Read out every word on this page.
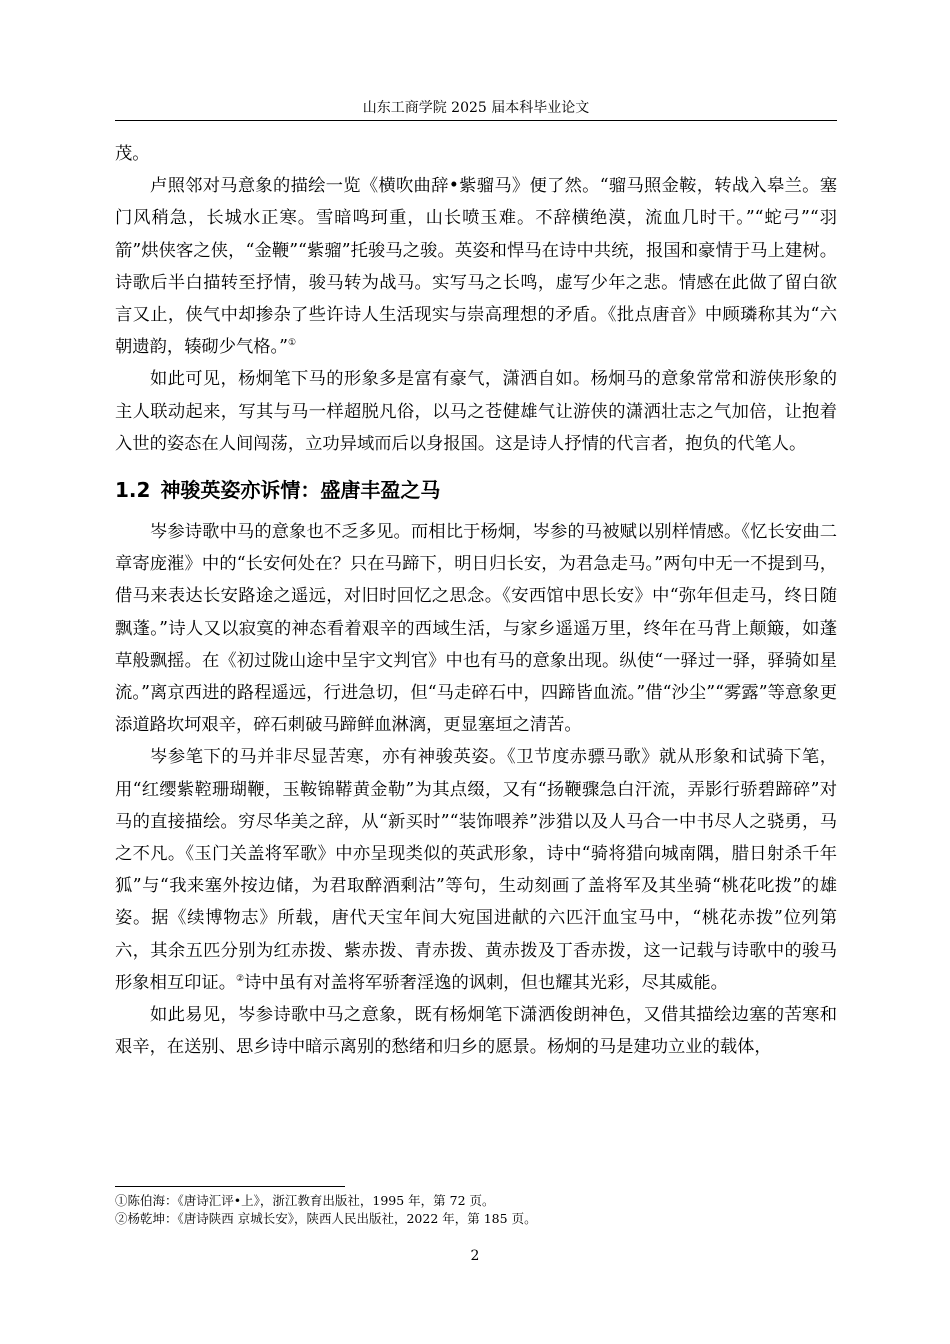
山东工商学院 2025 届本科毕业论文

茂。

卢照邻对马意象的描绘一览《横吹曲辞•紫骝马》便了然。“骝马照金鞍，转战入皋兰。塞门风稍急，长城水正寒。雪暗鸣珂重，山长喷玉难。不辞横绝漠，流血几时干。”“蛇弓”“羽箭”烘侠客之侠，“金鞭”“紫骝”托骏马之骏。英姿和悍马在诗中共统，报国和豪情于马上建树。诗歌后半白描转至抒情，骏马转为战马。实写马之长鸣，虚写少年之悲。情感在此做了留白欲言又止，侠气中却掺杂了些许诗人生活现实与崇高理想的矛盾。《批点唐音》中顾璘称其为“六朝遗韵，辏砌少气格。”①

如此可见，杨炯笔下马的形象多是富有豪气，潇洒自如。杨炯马的意象常常和游侠形象的主人联动起来，写其与马一样超脱凡俗，以马之苍健雄气让游侠的潇洒壮志之气加倍，让抱着入世的姿态在人间闯荡，立功异域而后以身报国。这是诗人抒情的代言者，抱负的代笔人。

1.2 神骏英姿亦诉情：盛唐丰盈之马

岑参诗歌中马的意象也不乏多见。而相比于杨炯，岑参的马被赋以别样情感。《忆长安曲二章寄庞漼》中的“长安何处在？只在马蹄下，明日归长安，为君急走马。”两句中无一不提到马，借马来表达长安路途之遥远，对旧时回忆之思念。《安西馆中思长安》中“弥年但走马，终日随飘蓬。”诗人又以寂寞的神态看着艰辛的西域生活，与家乡遥遥万里，终年在马背上颠簸，如蓬草般飘摇。在《初过陇山途中呈宇文判官》中也有马的意象出现。纵使“一驿过一驿，驿骑如星流。”离京西进的路程遥远，行进急切，但“马走碎石中，四蹄皆血流。”借“沙尘”“雾露”等意象更添道路坎坷艰辛，碎石刺破马蹄鲜血淋漓，更显塞垣之清苦。

岑参笔下的马并非尽显苦寒，亦有神骏英姿。《卫节度赤骠马歌》就从形象和试骑下笔，用“红缨紫鞚珊瑚鞭，玉鞍锦鞯黄金勒”为其点缀，又有“扬鞭骤急白汗流，弄影行骄碧蹄碎”对马的直接描绘。穷尽华美之辞，从“新买时”“装饰喂养”涉猎以及人马合一中书尽人之骁勇，马之不凡。《玉门关盖将军歌》中亦呈现类似的英武形象，诗中“骑将猎向城南隅，腊日射杀千年狐”与“我来塞外按边储，为君取醉酒剩沽”等句，生动刻画了盖将军及其坐骑“桃花叱拨”的雄姿。据《续博物志》所载，唐代天宝年间大宛国进献的六匹汗血宝马中，“桃花赤拨”位列第六，其余五匹分别为红赤拨、紫赤拨、青赤拨、黄赤拨及丁香赤拨，这一记载与诗歌中的骏马形象相互印证。②诗中虽有对盖将军骄奢淫逸的讽刺，但也耀其光彩，尽其威能。

如此易见，岑参诗歌中马之意象，既有杨炯笔下潇洒俊朗神色，又借其描绘边塞的苦寒和艰辛，在送别、思乡诗中暗示离别的愁绪和归乡的愿景。杨炯的马是建功立业的载体，

①陈伯海：《唐诗汇评•上》，浙江教育出版社，1995 年，第 72 页。
②杨乾坤：《唐诗陕西 京城长安》，陕西人民出版社，2022 年，第 185 页。
2
